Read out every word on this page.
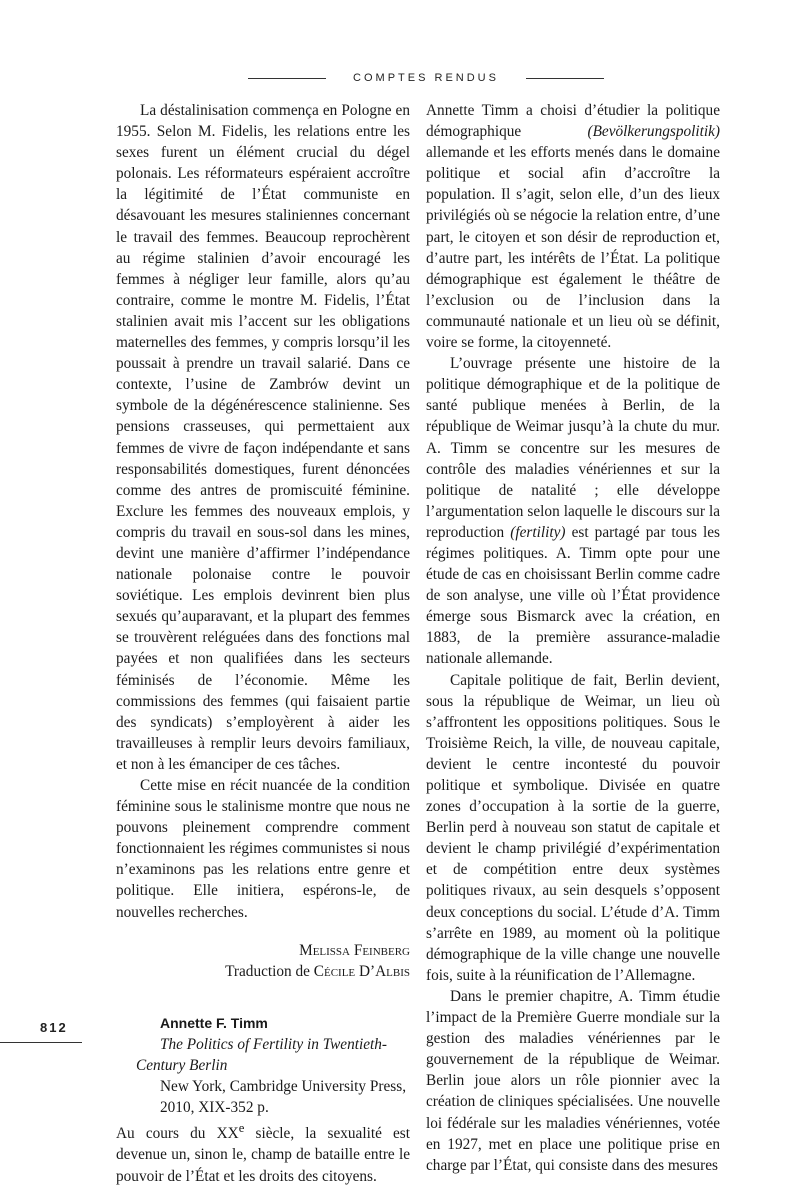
COMPTES RENDUS

La déstalinisation commença en Pologne en 1955. Selon M. Fidelis, les relations entre les sexes furent un élément crucial du dégel polonais. Les réformateurs espéraient accroître la légitimité de l’État communiste en désavouant les mesures staliniennes concernant le travail des femmes. Beaucoup reprochèrent au régime stalinien d’avoir encouragé les femmes à négliger leur famille, alors qu’au contraire, comme le montre M. Fidelis, l’État stalinien avait mis l’accent sur les obligations maternelles des femmes, y compris lorsqu’il les poussait à prendre un travail salarié. Dans ce contexte, l’usine de Zambrów devint un symbole de la dégénérescence stalinienne. Ses pensions crasseuses, qui permettaient aux femmes de vivre de façon indépendante et sans responsabilités domestiques, furent dénoncées comme des antres de promiscuité féminine. Exclure les femmes des nouveaux emplois, y compris du travail en sous-sol dans les mines, devint une manière d’affirmer l’indépendance nationale polonaise contre le pouvoir soviétique. Les emplois devinrent bien plus sexués qu’auparavant, et la plupart des femmes se trouvèrent reléguées dans des fonctions mal payées et non qualifiées dans les secteurs féminisés de l’économie. Même les commissions des femmes (qui faisaient partie des syndicats) s’employèrent à aider les travailleuses à remplir leurs devoirs familiaux, et non à les émanciper de ces tâches.

Cette mise en récit nuancée de la condition féminine sous le stalinisme montre que nous ne pouvons pleinement comprendre comment fonctionnaient les régimes communistes si nous n’examinons pas les relations entre genre et politique. Elle initiera, espérons-le, de nouvelles recherches.

Melissa Feinberg

Traduction de Cécile D’Albis

Annette F. Timm

The Politics of Fertility in Twentieth-Century Berlin

New York, Cambridge University Press,

2010, XIX-352 p.

Au cours du XXe siècle, la sexualité est devenue un, sinon le, champ de bataille entre le pouvoir de l’État et les droits des citoyens.

Annette Timm a choisi d’étudier la politique démographique	(Bevölkerungspolitik) allemande et les efforts menés dans le domaine politique et social afin d’accroître la population. Il s’agit, selon elle, d’un des lieux privilégiés où se négocie la relation entre, d’une part, le citoyen et son désir de reproduction et, d’autre part, les intérêts de l’État. La politique démographique est également le théâtre de l’exclusion ou de l’inclusion dans la communauté nationale et un lieu où se définit, voire se forme, la citoyenneté.

L’ouvrage présente une histoire de la politique démographique et de la politique de santé publique menées à Berlin, de la république de Weimar jusqu’à la chute du mur. A. Timm se concentre sur les mesures de contrôle des maladies vénériennes et sur la politique de natalité ; elle développe l’argumentation selon laquelle le discours sur la reproduction (fertility) est partagé par tous les régimes politiques. A. Timm opte pour une étude de cas en choisissant Berlin comme cadre de son analyse, une ville où l’État providence émerge sous Bismarck avec la création, en 1883, de la première assurance-maladie nationale allemande.

Capitale politique de fait, Berlin devient, sous la république de Weimar, un lieu où s’affrontent les oppositions politiques. Sous le Troisième Reich, la ville, de nouveau capitale, devient le centre incontesté du pouvoir politique et symbolique. Divisée en quatre zones d’occupation à la sortie de la guerre, Berlin perd à nouveau son statut de capitale et devient le champ privilégié d’expérimentation et de compétition entre deux systèmes politiques rivaux, au sein desquels s’opposent deux conceptions du social. L’étude d’A. Timm s’arrête en 1989, au moment où la politique démographique de la ville change une nouvelle fois, suite à la réunification de l’Allemagne.

Dans le premier chapitre, A. Timm étudie l’impact de la Première Guerre mondiale sur la gestion des maladies vénériennes par le gouvernement de la république de Weimar. Berlin joue alors un rôle pionnier avec la création de cliniques spécialisées. Une nouvelle loi fédérale sur les maladies vénériennes, votée en 1927, met en place une politique prise en charge par l’État, qui consiste dans des mesures

812
